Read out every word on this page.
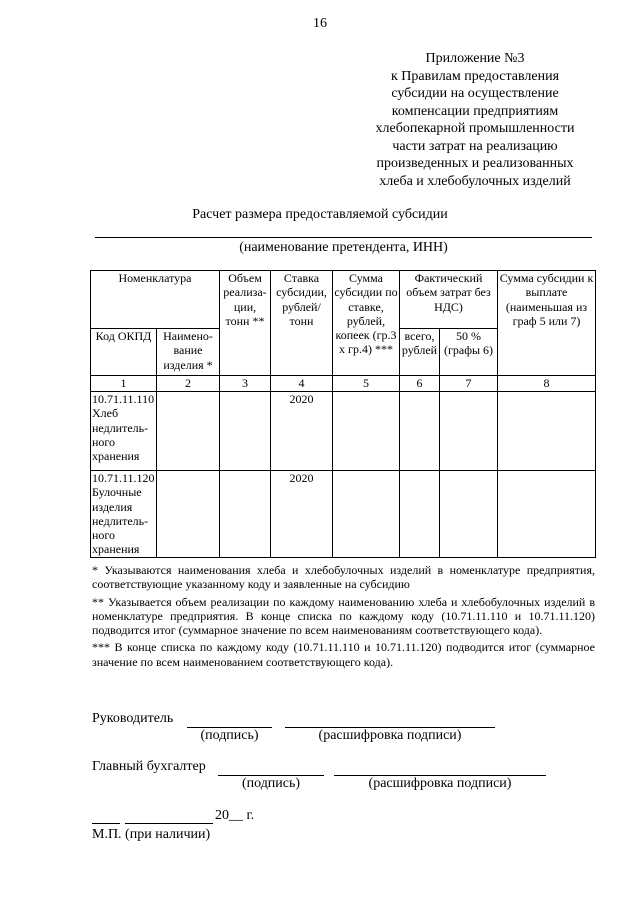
16
Приложение №3
к Правилам предоставления
субсидии на осуществление
компенсации предприятиям
хлебопекарной промышленности
части затрат на реализацию
произведенных и реализованных
хлеба и хлебобулочных изделий
Расчет размера предоставляемой субсидии
(наименование претендента, ИНН)
Номенклатура		Объем реализа-ции, тонн **	Ставка субсидии, рублей/ тонн	Сумма субсидии по ставке, рублей, копеек (гр.3 х гр.4) ***	Фактический объем затрат без НДС)		Сумма субсидии к выплате (наименьшая из граф 5 или 7)
Код ОКПД	Наимено-вание изделия *				всего, рублей	50 % (графы 6)	
1	2	3	4	5	6	7	8
10.71.11.110 Хлеб недлитель-ного хранения			2020				
10.71.11.120 Булочные изделия недлитель-ного хранения			2020				

* Указываются наименования хлеба и хлебобулочных изделий в номенклатуре предприятия, соответствующие указанному коду и заявленные на субсидию

** Указывается объем реализации по каждому наименованию хлеба и хлебобулочных изделий в номенклатуре предприятия. В конце списка по каждому коду (10.71.11.110 и 10.71.11.120) подводится итог (суммарное значение по всем наименованиям соответствующего кода).

*** В конце списка по каждому коду (10.71.11.110 и 10.71.11.120) подводится итог (суммарное значение по всем наименованием соответствующего кода).

Руководитель
(подпись)	(расшифровка подписи)
Главный бухгалтер
(подпись)	(расшифровка подписи)
20__ г.
М.П. (при наличии)
